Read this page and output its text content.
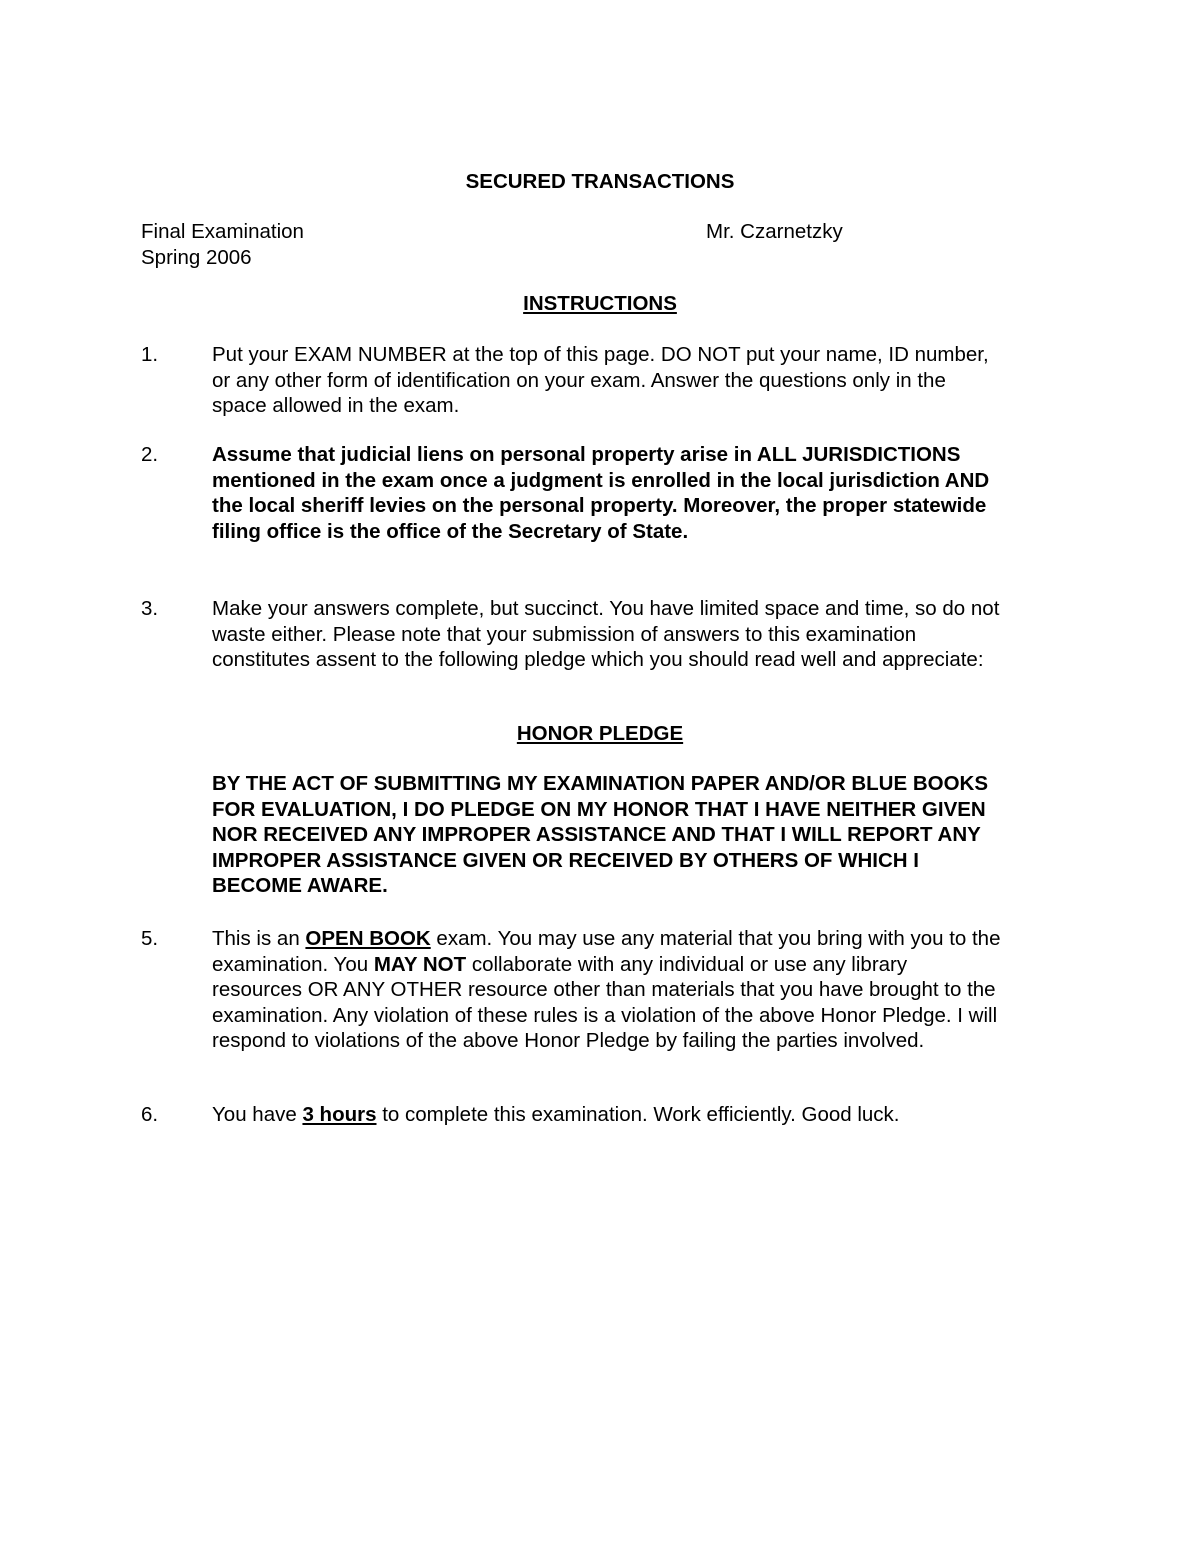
SECURED TRANSACTIONS
Final Examination
Spring 2006
Mr. Czarnetzky
INSTRUCTIONS
1.	Put your EXAM NUMBER at the top of this page. DO NOT put your name, ID number, or any other form of identification on your exam. Answer the questions only in the space allowed in the exam.
2.	Assume that judicial liens on personal property arise in ALL JURISDICTIONS mentioned in the exam once a judgment is enrolled in the local jurisdiction AND the local sheriff levies on the personal property. Moreover, the proper statewide filing office is the office of the Secretary of State.
3.	Make your answers complete, but succinct. You have limited space and time, so do not waste either. Please note that your submission of answers to this examination constitutes assent to the following pledge which you should read well and appreciate:
HONOR PLEDGE
BY THE ACT OF SUBMITTING MY EXAMINATION PAPER AND/OR BLUE BOOKS FOR EVALUATION, I DO PLEDGE ON MY HONOR THAT I HAVE NEITHER GIVEN NOR RECEIVED ANY IMPROPER ASSISTANCE AND THAT I WILL REPORT ANY IMPROPER ASSISTANCE GIVEN OR RECEIVED BY OTHERS OF WHICH I BECOME AWARE.
5.	This is an OPEN BOOK exam. You may use any material that you bring with you to the examination. You MAY NOT collaborate with any individual or use any library resources OR ANY OTHER resource other than materials that you have brought to the examination. Any violation of these rules is a violation of the above Honor Pledge. I will respond to violations of the above Honor Pledge by failing the parties involved.
6.	You have 3 hours to complete this examination. Work efficiently. Good luck.
